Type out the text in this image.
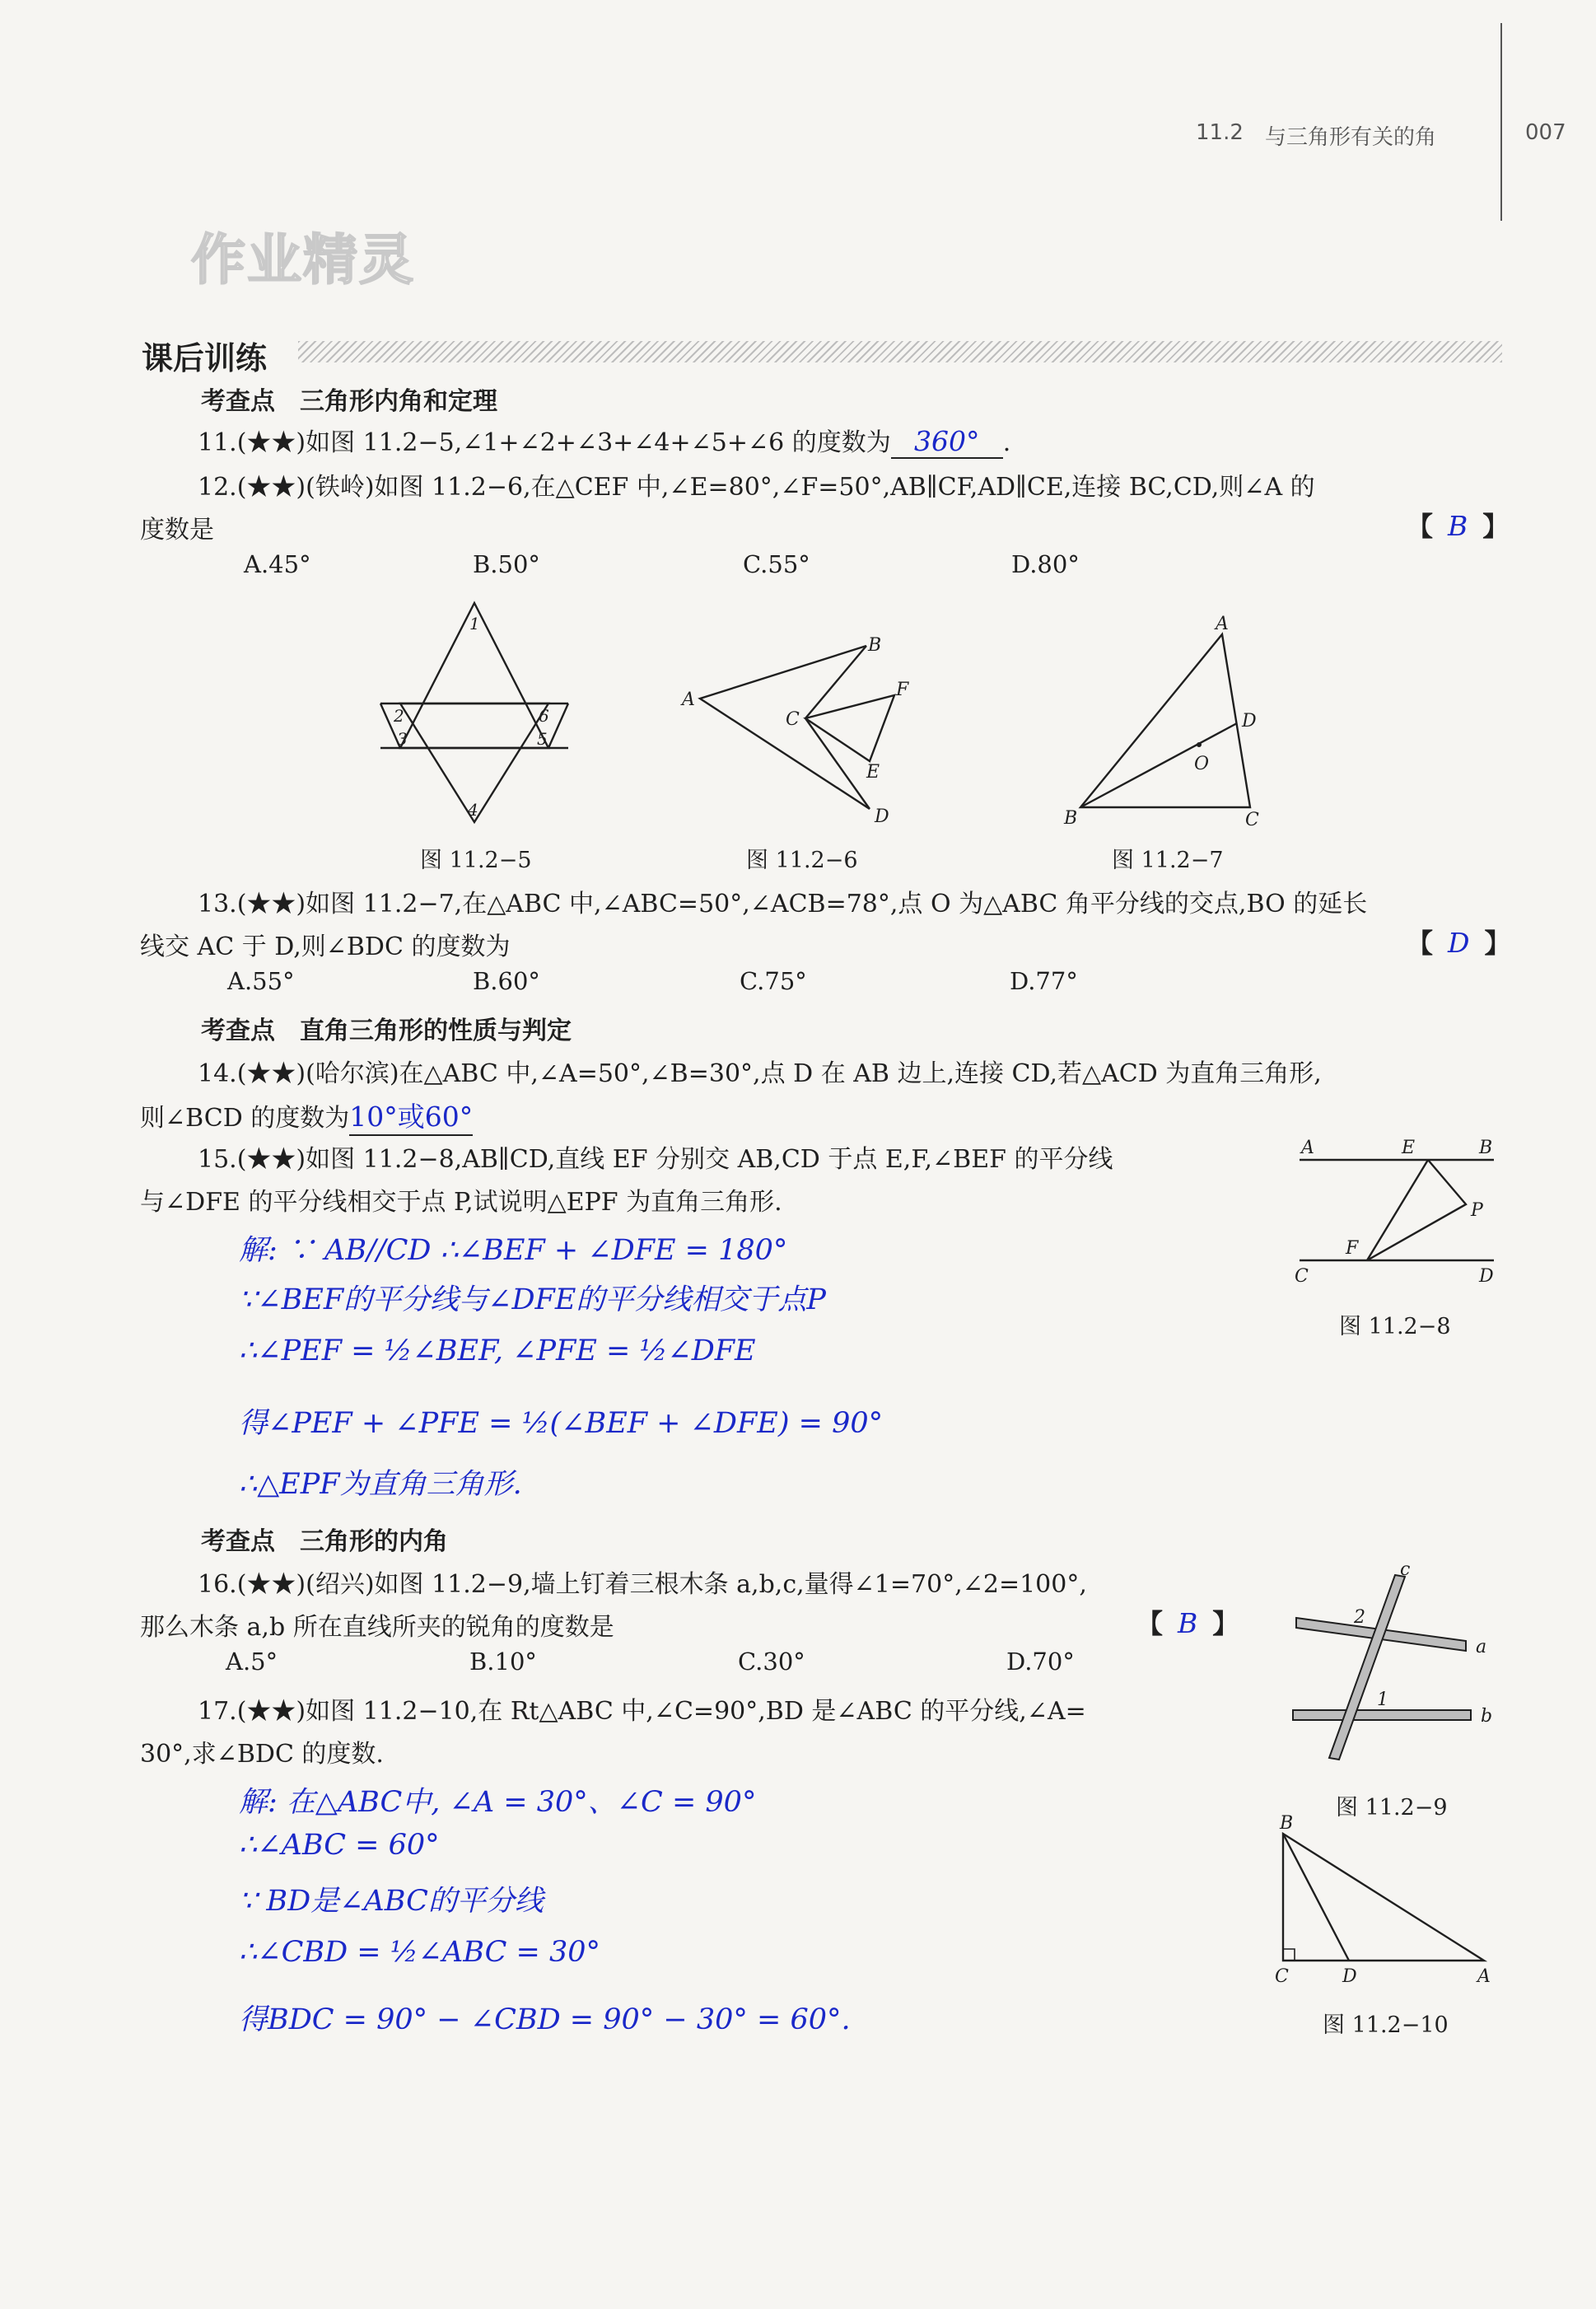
11.2 与三角形有关的角	007
作业精灵
课后训练
考查点　三角形内角和定理
11.(★★)如图 11.2−5,∠1+∠2+∠3+∠4+∠5+∠6 的度数为 360° .
12.(★★)(铁岭)如图 11.2−6,在△CEF 中,∠E=80°,∠F=50°,AB∥CF,AD∥CE,连接 BC,CD,则∠A 的
度数是	【 B 】
A.45°	B.50°	C.55°	D.80°
1
2
3
4
5
6
图 11.2−5
A
B
C
D
E
F
图 11.2−6
A
B	C
D
O
图 11.2−7
13.(★★)如图 11.2−7,在△ABC 中,∠ABC=50°,∠ACB=78°,点 O 为△ABC 角平分线的交点,BO 的延长
线交 AC 于 D,则∠BDC 的度数为	【 D 】
A.55°	B.60°	C.75°	D.77°
考查点　直角三角形的性质与判定
14.(★★)(哈尔滨)在△ABC 中,∠A=50°,∠B=30°,点 D 在 AB 边上,连接 CD,若△ACD 为直角三角形,
则∠BCD 的度数为10°或60°
15.(★★)如图 11.2−8,AB∥CD,直线 EF 分别交 AB,CD 于点 E,F,∠BEF 的平分线
与∠DFE 的平分线相交于点 P,试说明△EPF 为直角三角形.
解: ∵ AB//CD ∴∠BEF + ∠DFE = 180°
∵∠BEF的平分线与∠DFE的平分线相交于点P
∴∠PEF = ½∠BEF, ∠PFE = ½∠DFE
得∠PEF + ∠PFE = ½(∠BEF + ∠DFE) = 90°
∴△EPF为直角三角形.
A	E	B
P
F
C	D
图 11.2−8
考查点　三角形的内角
16.(★★)(绍兴)如图 11.2−9,墙上钉着三根木条 a,b,c,量得∠1=70°,∠2=100°,
那么木条 a,b 所在直线所夹的锐角的度数是	【 B 】
A.5°	B.10°	C.30°	D.70°
c
2
a
1
b
图 11.2−9
17.(★★)如图 11.2−10,在 Rt△ABC 中,∠C=90°,BD 是∠ABC 的平分线,∠A=
30°,求∠BDC 的度数.
解: 在△ABC中, ∠A = 30°、∠C = 90°
∴∠ABC = 60°
∵ BD是∠ABC的平分线
∴∠CBD = ½∠ABC = 30°
得BDC = 90° − ∠CBD = 90° − 30° = 60°.
B
C	D	A
图 11.2−10
